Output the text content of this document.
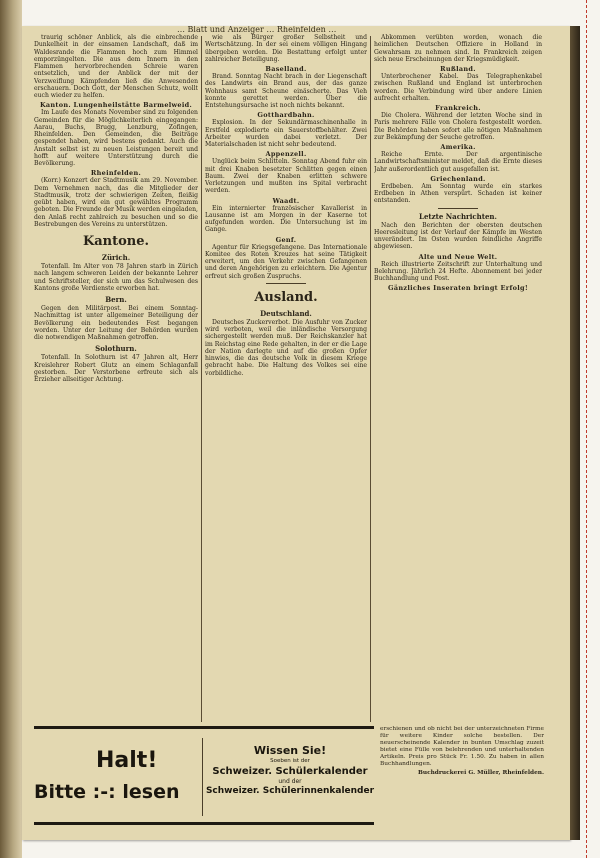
… Blatt und Anzeiger … Rheinfelden …

traurig schöner Anblick, als die einbrechende Dunkelheit in der einsamen Landschaft, daß im Waldesrande die Flammen hoch zum Himmel emporzüngelten. Die aus dem Innern in den Flammen hervorbrechenden Schreie waren entsetzlich, und der Anblick der mit der Verzweiflung Kämpfenden ließ die Anwesenden erschauern. Doch Gott, der Menschen Schutz, wollt euch wieder zu helfen.

Kanton. Lungenheilstätte Barmelweid.

Im Laufe des Monats November sind zu folgenden Gemeinden für die Möglichkeiterlich eingegangen: Aarau, Buchs, Brugg, Lenzburg, Zofingen, Rheinfelden. Den Gemeinden, die Beiträge gespendet haben, wird bestens gedankt. Auch die Anstalt selbst ist zu neuen Leistungen bereit und hofft auf weitere Unterstützung durch die Bevölkerung.

Rheinfelden.

(Korr.) Konzert der Stadtmusik am 29. November. Dem Vernehmen nach, das die Mitglieder der Stadtmusik, trotz der schwierigen Zeiten, fleißig geübt haben, wird ein gut gewähltes Programm geboten. Die Freunde der Musik werden eingeladen, den Anlaß recht zahlreich zu besuchen und so die Bestrebungen des Vereins zu unterstützen.

Kantone.
Zürich.

Totenfall. Im Alter von 78 Jahren starb in Zürich nach langem schweren Leiden der bekannte Lehrer und Schriftsteller, der sich um das Schulwesen des Kantons große Verdienste erworben hat.

Bern.

Gegen den Militärpost. Bei einem Sonntag-Nachmittag ist unter allgemeiner Beteiligung der Bevölkerung ein bedeutendes Fest begangen worden. Unter der Leitung der Behörden wurden die notwendigen Maßnahmen getroffen.

Solothurn.

Totenfall. In Solothurn ist 47 Jahren alt, Herr Kreislehrer Robert Glutz an einem Schlaganfall gestorben. Der Verstorbene erfreute sich als Erzieher allseitiger Achtung.

wie als Bürger großer Selbstheit und Wertschätzung. In der sei einem völligen Hingang übergeben worden. Die Bestattung erfolgt unter zahlreicher Beteiligung.

Baselland.

Brand. Sonntag Nacht brach in der Liegenschaft des Landwirts ein Brand aus, der das ganze Wohnhaus samt Scheune einäscherte. Das Vieh konnte gerettet werden. Über die Entstehungsursache ist noch nichts bekannt.

Gotthardbahn.

Explosion. In der Sekundärmaschinenhalle in Erstfeld explodierte ein Sauerstoffbehälter. Zwei Arbeiter wurden dabei verletzt. Der Materialschaden ist nicht sehr bedeutend.

Appenzell.

Unglück beim Schlitteln. Sonntag Abend fuhr ein mit drei Knaben besetzter Schlitten gegen einen Baum. Zwei der Knaben erlitten schwere Verletzungen und mußten ins Spital verbracht werden.

Waadt.

Ein internierter französischer Kavallerist in Lausanne ist am Morgen in der Kaserne tot aufgefunden worden. Die Untersuchung ist im Gange.

Genf.

Agentur für Kriegsgefangene. Das Internationale Komitee des Roten Kreuzes hat seine Tätigkeit erweitert, um den Verkehr zwischen Gefangenen und deren Angehörigen zu erleichtern. Die Agentur erfreut sich großen Zuspruchs.

Ausland.
Deutschland.

Deutsches Zuckerverbot. Die Ausfuhr von Zucker wird verboten, weil die inländische Versorgung sichergestellt werden muß. Der Reichskanzler hat im Reichstag eine Rede gehalten, in der er die Lage der Nation darlegte und auf die großen Opfer hinwies, die das deutsche Volk in diesem Kriege gebracht habe. Die Haltung des Volkes sei eine vorbildliche.

Abkommen verübten worden, wonach die heimlichen Deutschen Offiziere in Holland in Gewahrsam zu nehmen sind. In Frankreich zeigen sich neue Erscheinungen der Kriegsmüdigkeit.

Rußland.

Unterbrochener Kabel. Das Telegraphenkabel zwischen Rußland und England ist unterbrochen worden. Die Verbindung wird über andere Linien aufrecht erhalten.

Frankreich.

Die Cholera. Während der letzten Woche sind in Paris mehrere Fälle von Cholera festgestellt worden. Die Behörden haben sofort alle nötigen Maßnahmen zur Bekämpfung der Seuche getroffen.

Amerika.

Reiche Ernte. Der argentinische Landwirtschaftsminister meldet, daß die Ernte dieses Jahr außerordentlich gut ausgefallen ist.

Griechenland.

Erdbeben. Am Sonntag wurde ein starkes Erdbeben in Athen verspürt. Schaden ist keiner entstanden.

Letzte Nachrichten.

Nach den Berichten der obersten deutschen Heeresleitung ist der Verlauf der Kämpfe im Westen unverändert. Im Osten wurden feindliche Angriffe abgewiesen.

Alte und Neue Welt.

Reich illustrierte Zeitschrift zur Unterhaltung und Belehrung. Jährlich 24 Hefte. Abonnement bei jeder Buchhandlung und Post.

Gänzliches Inseraten bringt Erfolg!
Halt!
Bitte :-: lesen
Wissen Sie!
Soeben ist der
Schweizer. Schülerkalender
und der
Schweizer. Schülerinnenkalender
erschienen und ob nicht bei der unterzeichneten Firme für weitere Kinder solche bestellen. Der neuerscheinende Kalender in bunten Umschlag zuzeit bietet eine Fülle von belehrenden und unterhaltenden Artikeln. Preis pro Stück Fr. 1.50. Zu haben in allen Buchhandlungen.
Buchdruckerei G. Müller, Rheinfelden.
